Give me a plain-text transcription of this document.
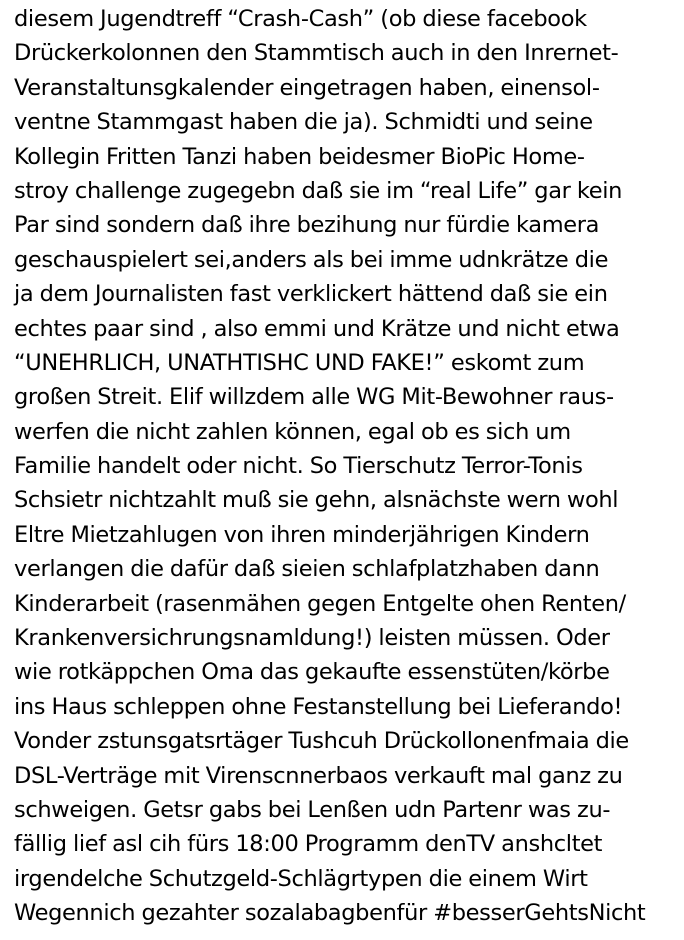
diesem Jugendtreff “Crash-Cash” (ob diese facebook
Drückerkolonnen den Stammtisch auch in den Inrernet-
Veranstaltunsgkalender eingetragen haben, einensol-
ventne Stammgast haben die ja). Schmidti und seine
Kollegin Fritten Tanzi haben beidesmer BioPic Home-
stroy challenge zugegebn daß sie im “real Life” gar kein
Par sind sondern daß ihre bezihung nur fürdie kamera
geschauspielert sei,anders als bei imme udnkrätze die
ja dem Journalisten fast verklickert hättend daß sie ein
echtes paar sind , also emmi und Krätze und nicht etwa
“UNEHRLICH, UNATHTISHC UND FAKE!” eskomt zum
großen Streit. Elif willzdem alle WG Mit-Bewohner raus-
werfen die nicht zahlen können, egal ob es sich um
Familie handelt oder nicht. So Tierschutz Terror-Tonis
Schsietr nichtzahlt muß sie gehn, alsnächste wern wohl
Eltre Mietzahlugen von ihren minderjährigen Kindern
verlangen die dafür daß sieien schlafplatzhaben dann
Kinderarbeit (rasenmähen gegen Entgelte ohen Renten/
Krankenversichrungsnamldung!) leisten müssen. Oder
wie rotkäppchen Oma das gekaufte essenstüten/körbe
ins Haus schleppen ohne Festanstellung bei Lieferando!
Vonder zstunsgatsrtäger Tushcuh Drückollonenfmaia die
DSL-Verträge mit Virenscnnerbaos verkauft mal ganz zu
schweigen. Getsr gabs bei Lenßen udn Partenr was zu-
fällig lief asl cih fürs 18:00 Programm denTV anshcltet
irgendelche Schutzgeld-Schlägrtypen die einem Wirt
Wegennich gezahter sozalabagbenfür #besserGehtsNicht
